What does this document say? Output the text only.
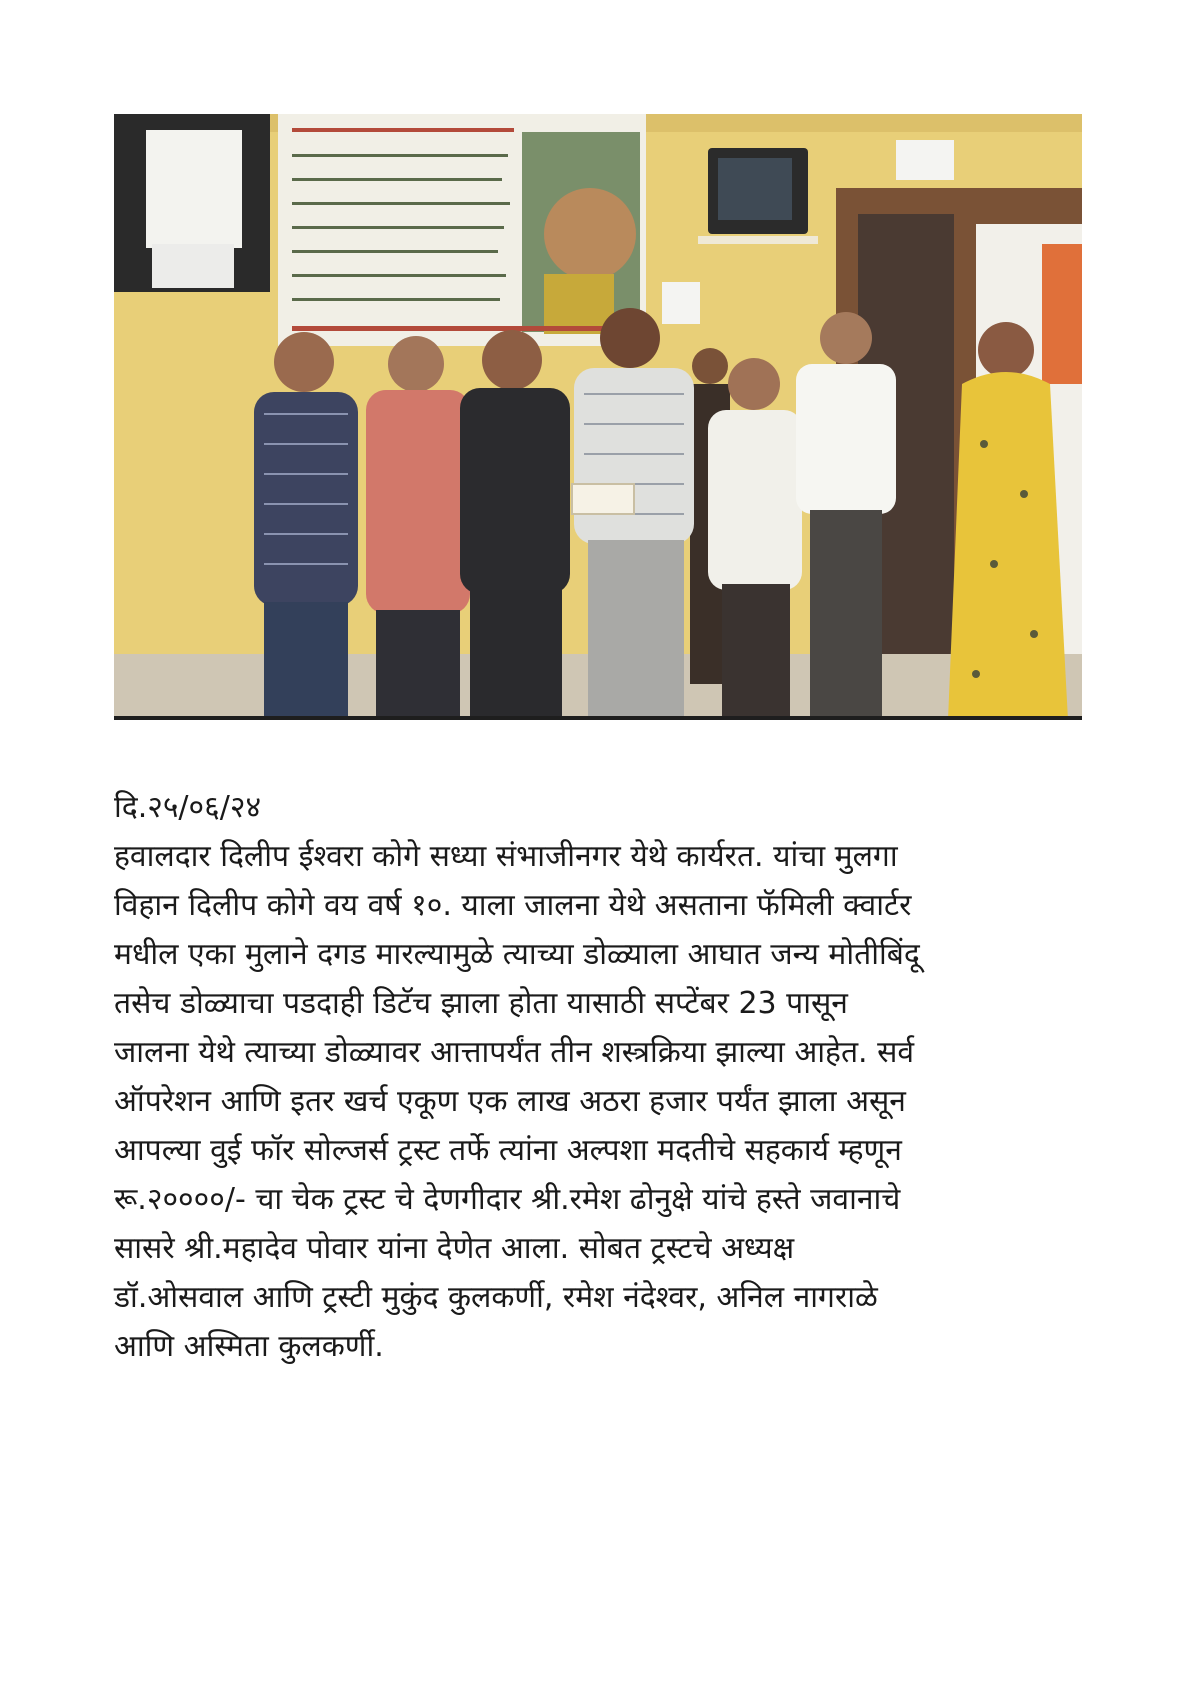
दि.२५/०६/२४

हवालदार दिलीप ईश्वरा कोगे सध्या संभाजीनगर येथे कार्यरत. यांचा मुलगा

विहान दिलीप कोगे वय वर्ष १०. याला जालना येथे असताना फॅमिली क्वार्टर

मधील एका मुलाने दगड मारल्यामुळे त्याच्या डोळ्याला आघात जन्य मोतीबिंदू

तसेच डोळ्याचा पडदाही डिटॅच झाला होता यासाठी सप्टेंबर 23 पासून

जालना येथे त्याच्या डोळ्यावर आत्तापर्यंत तीन शस्त्रक्रिया झाल्या आहेत. सर्व

ऑपरेशन आणि इतर खर्च एकूण एक लाख अठरा हजार पर्यंत झाला असून

आपल्या वुई फॉर सोल्जर्स ट्रस्ट तर्फे त्यांना अल्पशा मदतीचे सहकार्य म्हणून

रू.२००००/- चा चेक ट्रस्ट चे देणगीदार श्री.रमेश ढोनुक्षे यांचे हस्ते जवानाचे

सासरे श्री.महादेव पोवार यांना देणेत आला. सोबत ट्रस्टचे अध्यक्ष

डॉ.ओसवाल आणि ट्रस्टी मुकुंद कुलकर्णी, रमेश नंदेश्वर, अनिल नागराळे

आणि अस्मिता कुलकर्णी.
